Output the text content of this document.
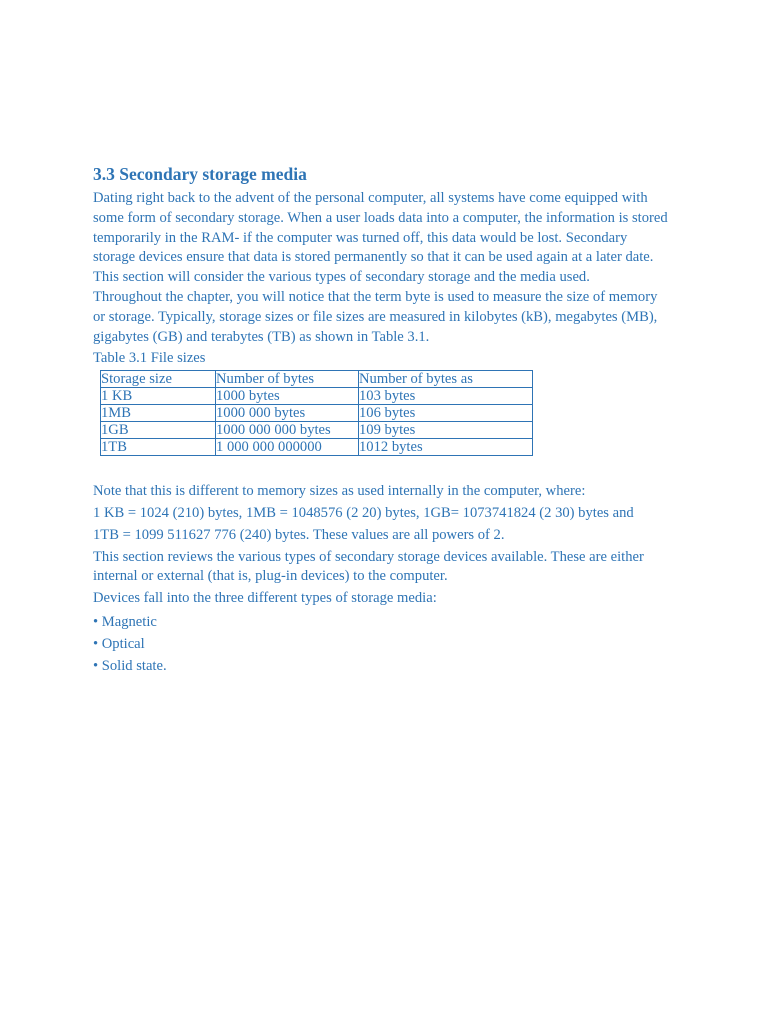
3.3 Secondary storage media

Dating right back to the advent of the personal computer, all systems have come equipped with some form of secondary storage. When a user loads data into a computer, the information is stored temporarily in the RAM- if the computer was turned off, this data would be lost. Secondary storage devices ensure that data is stored permanently so that it can be used again at a later date. This section will consider the various types of secondary storage and the media used.

Throughout the chapter, you will notice that the term byte is used to measure the size of memory or storage. Typically, storage sizes or file sizes are measured in kilobytes (kB), megabytes (MB), gigabytes (GB) and terabytes (TB) as shown in Table 3.1.

Table 3.1 File sizes

Storage size	Number of bytes	Number of bytes as
1 KB	1000 bytes	103 bytes
1MB	1000 000 bytes	106 bytes
1GB	1000 000 000 bytes	109 bytes
1TB	1 000 000 000000	1012 bytes

Note that this is different to memory sizes as used internally in the computer, where:

1 KB = 1024 (210) bytes, 1MB = 1048576 (2 20) bytes, 1GB= 1073741824 (2 30) bytes and

1TB = 1099 511627 776 (240) bytes. These values are all powers of 2.

This section reviews the various types of secondary storage devices available. These are either internal or external (that is, plug-in devices) to the computer.

Devices fall into the three different types of storage media:

• Magnetic
• Optical
• Solid state.
